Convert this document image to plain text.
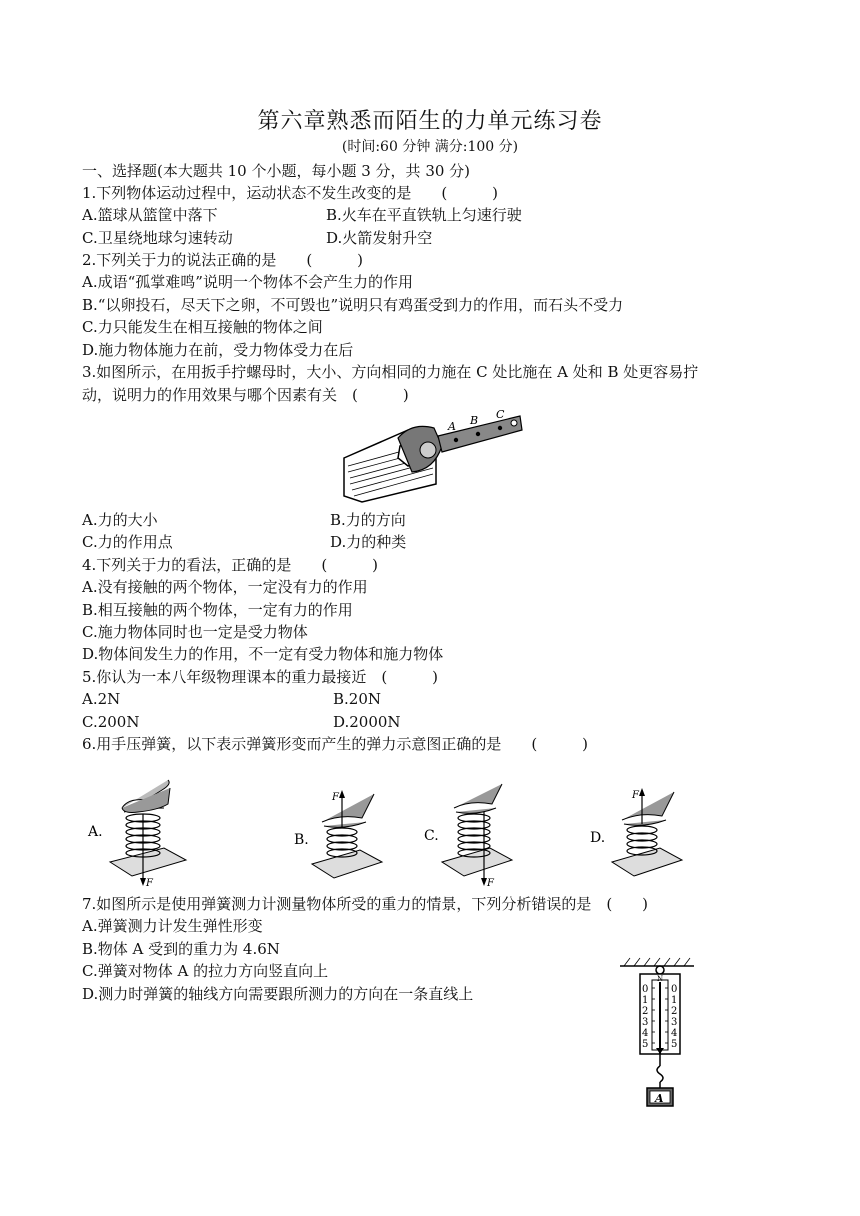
第六章熟悉而陌生的力单元练习卷
(时间:60 分钟 满分:100 分)
一、选择题(本大题共 10 个小题，每小题 3 分，共 30 分)
1.下列物体运动过程中，运动状态不发生改变的是　　(　　　)
A.篮球从篮筐中落下	B.火车在平直铁轨上匀速行驶
C.卫星绕地球匀速转动	D.火箭发射升空
2.下列关于力的说法正确的是　　(　　　)
A.成语“孤掌难鸣”说明一个物体不会产生力的作用
B.“以卵投石，尽天下之卵，不可毁也”说明只有鸡蛋受到力的作用，而石头不受力
C.力只能发生在相互接触的物体之间
D.施力物体施力在前，受力物体受力在后
3.如图所示，在用扳手拧螺母时，大小、方向相同的力施在 C 处比施在 A 处和 B 处更容易拧
动，说明力的作用效果与哪个因素有关　(　　　)
A B C
A.力的大小	B.力的方向
C.力的作用点	D.力的种类
4.下列关于力的看法，正确的是　　(　　　)
A.没有接触的两个物体，一定没有力的作用
B.相互接触的两个物体，一定有力的作用
C.施力物体同时也一定是受力物体
D.物体间发生力的作用，不一定有受力物体和施力物体
5.你认为一本八年级物理课本的重力最接近　(　　　)
A.2N	B.20N
C.200N	D.2000N
6.用手压弹簧，以下表示弹簧形变而产生的弹力示意图正确的是　　(　　　)
A.
F
B.
F
C.
F
D.
F
7.如图所示是使用弹簧测力计测量物体所受的重力的情景，下列分析错误的是　(　　)
A.弹簧测力计发生弹性形变
B.物体 A 受到的重力为 4.6N
C.弹簧对物体 A 的拉力方向竖直向上
D.测力时弹簧的轴线方向需要跟所测力的方向在一条直线上
N
0
1
2
3
4
5
0
1
2
3
4
5
A
